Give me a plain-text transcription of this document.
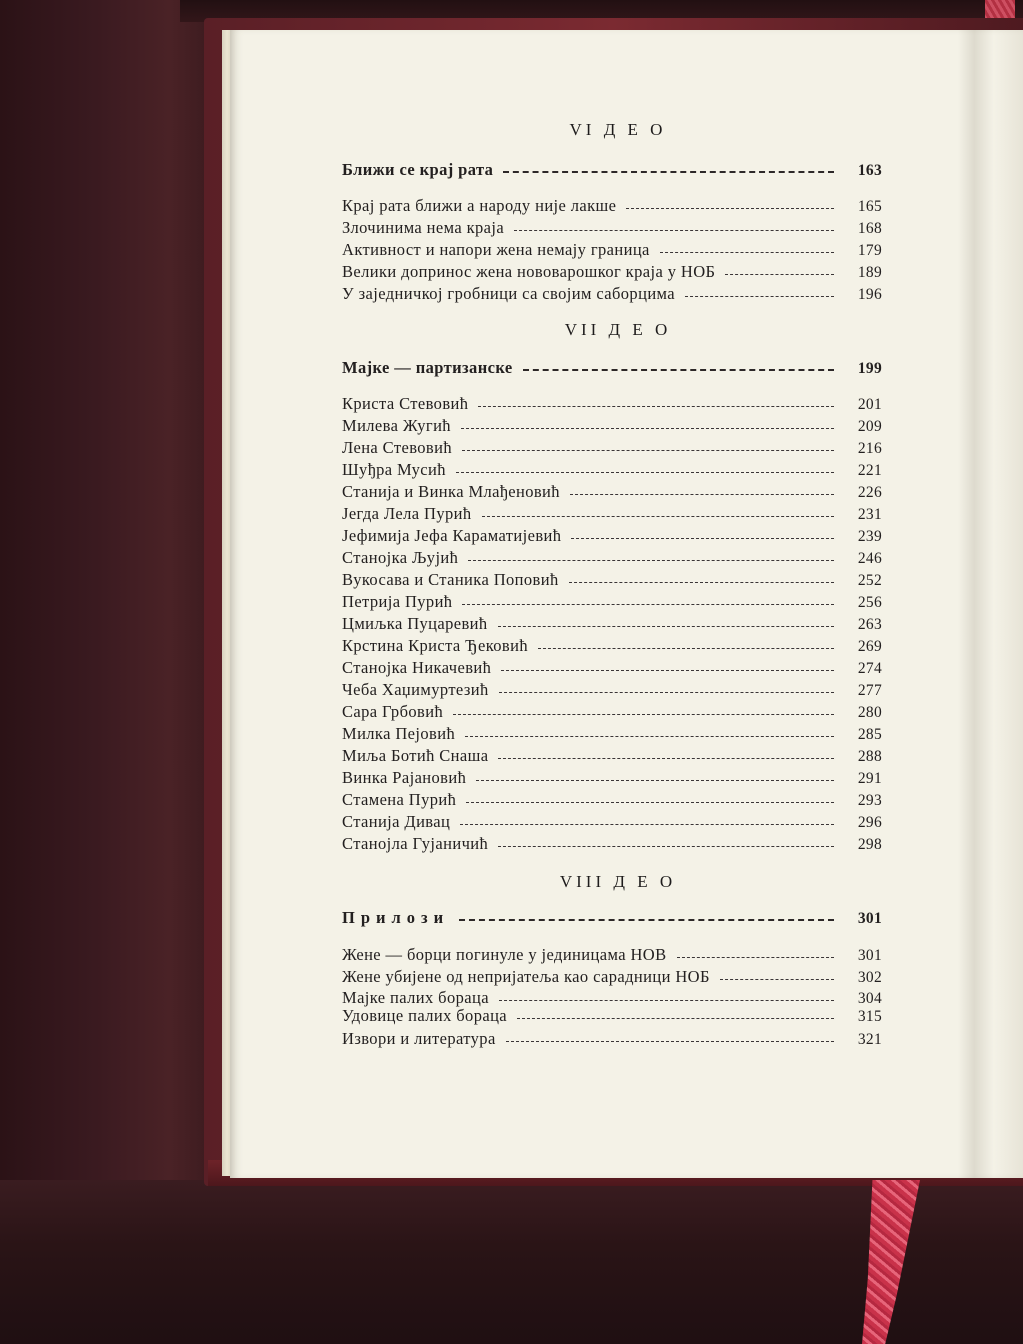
VI Д Е О
Ближи се крај рата	163
Крај рата ближи а народу није лакше	165
Злочинима нема краја	168
Активност и напори жена немају граница	179
Велики допринос жена нововарошког краја у НОБ	189
У заједничкој гробници са својим саборцима	196
VII Д Е О
Мајке — партизанске	199
Криста Стевовић	201
Милева Жугић	209
Лена Стевовић	216
Шуђра Мусић	221
Станија и Винка Млађеновић	226
Јегда Лела Пурић	231
Јефимија Јефа Караматијевић	239
Станојка Љујић	246
Вукосава и Станика Поповић	252
Петрија Пурић	256
Цмиљка Пуцаревић	263
Крстина Криста Ђековић	269
Станојка Никачевић	274
Чеба Хаџимуртезић	277
Сара Грбовић	280
Милка Пејовић	285
Миља Ботић Снаша	288
Винка Рајановић	291
Стамена Пурић	293
Станија Дивац	296
Станојла Гујаничић	298
VIII Д Е О
Прилози	301
Жене — борци погинуле у јединицама НОВ	301
Жене убијене од непријатеља као сарадници НОБ	302
Мајке палих бораца	304
Удовице палих бораца	315
Извори и литература	321
